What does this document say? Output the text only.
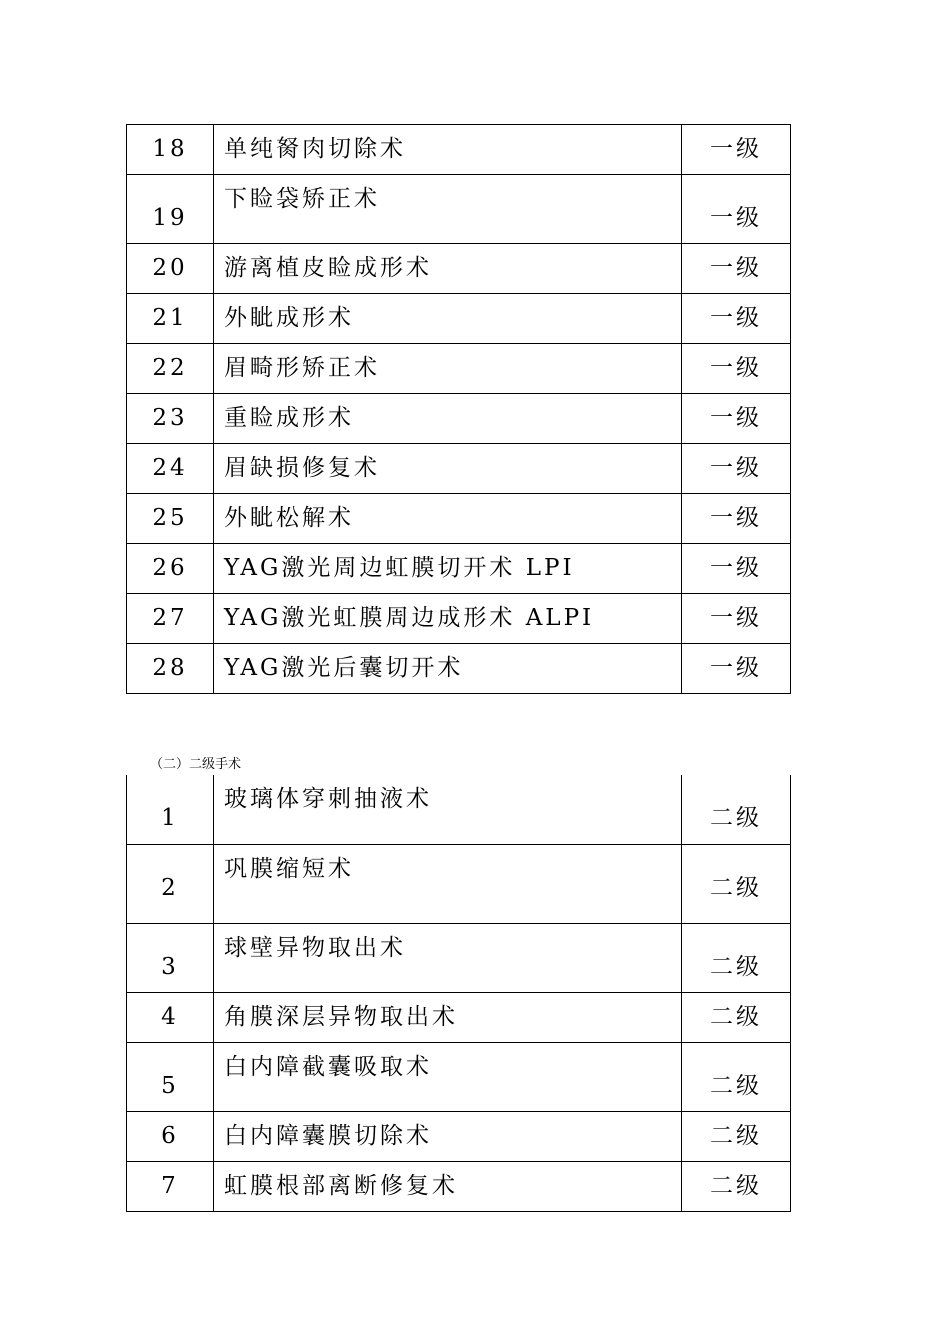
18	单纯胬肉切除术	一级
19	下睑袋矫正术	一级
20	游离植皮睑成形术	一级
21	外眦成形术	一级
22	眉畸形矫正术	一级
23	重睑成形术	一级
24	眉缺损修复术	一级
25	外眦松解术	一级
26	YAG激光周边虹膜切开术 LPI	一级
27	YAG激光虹膜周边成形术 ALPI	一级
28	YAG激光后囊切开术	一级
（二）二级手术
1	玻璃体穿刺抽液术	二级
2	巩膜缩短术	二级
3	球壁异物取出术	二级
4	角膜深层异物取出术	二级
5	白内障截囊吸取术	二级
6	白内障囊膜切除术	二级
7	虹膜根部离断修复术	二级
